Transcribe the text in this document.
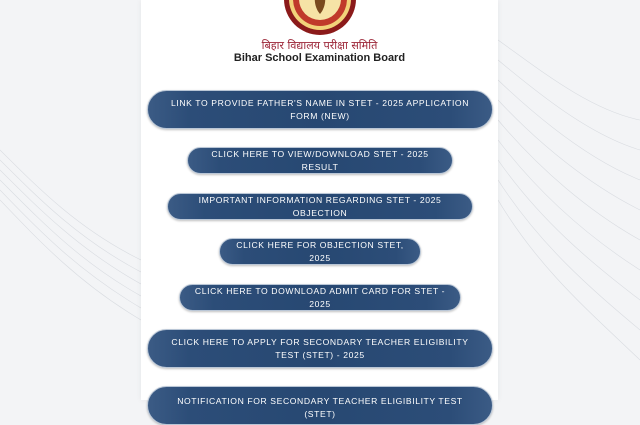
बिहार विद्यालय परीक्षा समिति
Bihar School Examination Board
LINK TO PROVIDE FATHER'S NAME IN STET - 2025 APPLICATION FORM (NEW)
CLICK HERE TO VIEW/DOWNLOAD STET - 2025 RESULT
IMPORTANT INFORMATION REGARDING STET - 2025 OBJECTION
CLICK HERE FOR OBJECTION STET, 2025
CLICK HERE TO DOWNLOAD ADMIT CARD FOR STET - 2025
CLICK HERE TO APPLY FOR SECONDARY TEACHER ELIGIBILITY TEST (STET) - 2025
NOTIFICATION FOR SECONDARY TEACHER ELIGIBILITY TEST (STET)
